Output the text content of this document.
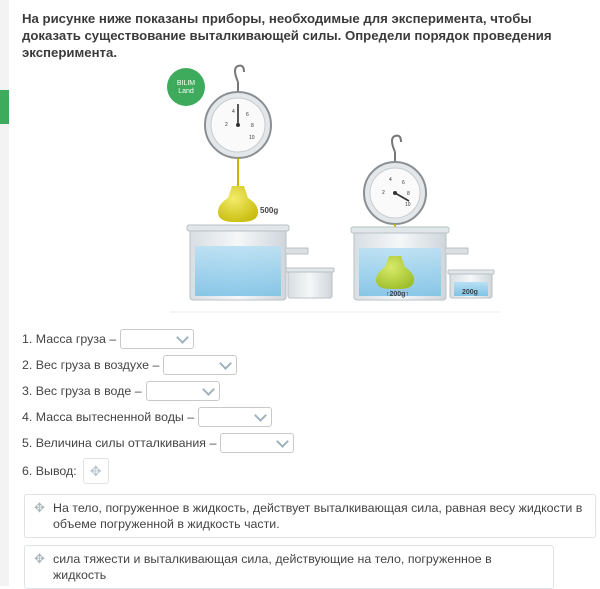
На рисунке ниже показаны приборы, необходимые для эксперимента, чтобы доказать существование выталкивающей силы. Определи порядок проведения эксперимента.
BILIM
Land
2
4 6
8
10
500g
2
4 6
8
10
↑200g↑	200g
1. Масса груза –
2. Вес груза в воздухе –
3. Вес груза в воде –
4. Масса вытесненной воды –
5. Величина силы отталкивания –
6. Вывод: ✥
✥ На тело, погруженное в жидкость, действует выталкивающая сила, равная весу жидкости в объеме погруженной в жидкость части.
✥ сила тяжести и выталкивающая сила, действующие на тело, погруженное в жидкость
